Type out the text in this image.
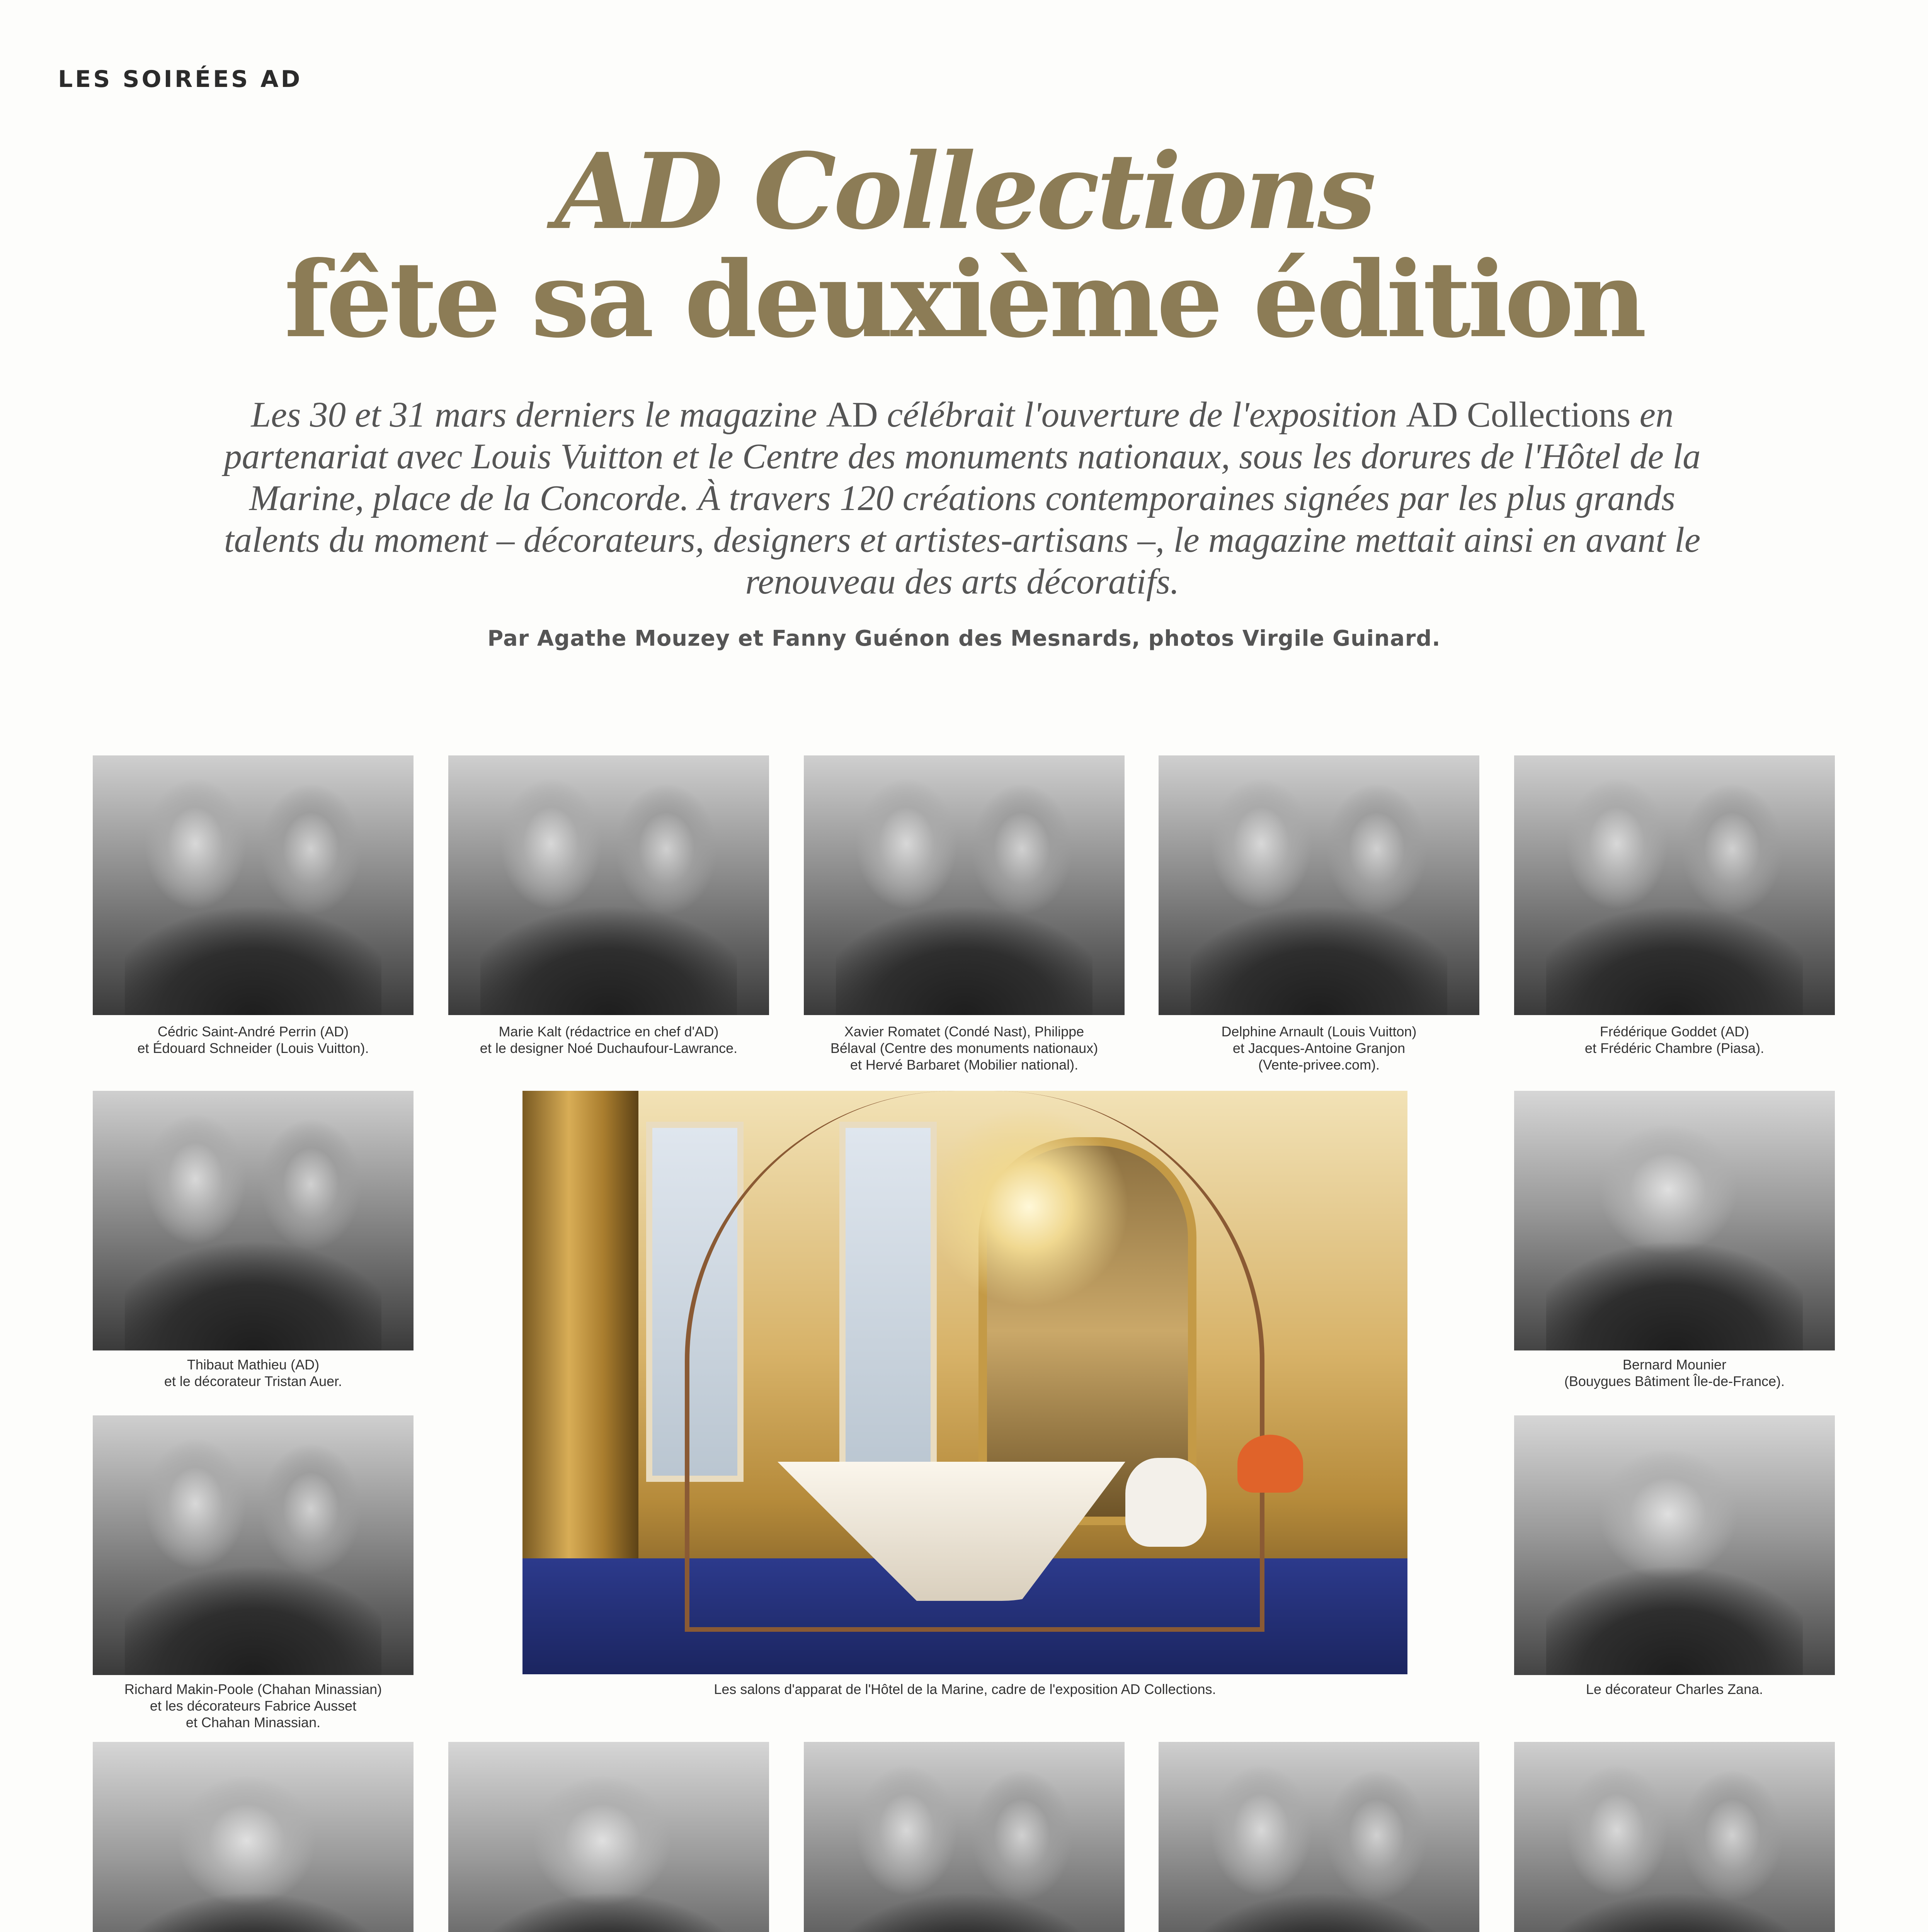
LES SOIRÉES AD
AD Collections
fête sa deuxième édition
Les 30 et 31 mars derniers le magazine AD célébrait l'ouverture de l'exposition AD Collections en partenariat avec Louis Vuitton et le Centre des monuments nationaux, sous les dorures de l'Hôtel de la Marine, place de la Concorde. À travers 120 créations contemporaines signées par les plus grands talents du moment – décorateurs, designers et artistes-artisans –, le magazine mettait ainsi en avant le renouveau des arts décoratifs.
Par Agathe Mouzey et Fanny Guénon des Mesnards, photos Virgile Guinard.
Cédric Saint-André Perrin (AD)
et Édouard Schneider (Louis Vuitton).
Marie Kalt (rédactrice en chef d'AD)
et le designer Noé Duchaufour-Lawrance.
Xavier Romatet (Condé Nast), Philippe
Bélaval (Centre des monuments nationaux)
et Hervé Barbaret (Mobilier national).
Delphine Arnault (Louis Vuitton)
et Jacques-Antoine Granjon
(Vente-privee.com).
Frédérique Goddet (AD)
et Frédéric Chambre (Piasa).
Thibaut Mathieu (AD)
et le décorateur Tristan Auer.
Bernard Mounier
(Bouygues Bâtiment Île-de-France).
Les salons d'apparat de l'Hôtel de la Marine, cadre de l'exposition AD Collections.
Richard Makin-Poole (Chahan Minassian)
et les décorateurs Fabrice Ausset
et Chahan Minassian.
Le décorateur Charles Zana.
